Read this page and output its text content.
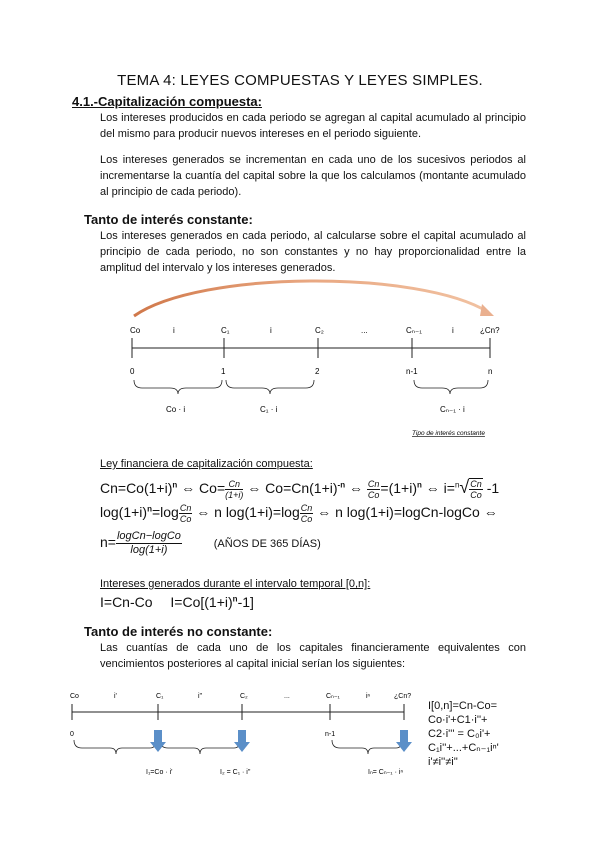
TEMA 4: LEYES COMPUESTAS Y LEYES SIMPLES.
4.1.-Capitalización compuesta:
Los intereses producidos en cada periodo se agregan al capital acumulado al principio del mismo para producir nuevos intereses en el periodo siguiente.
Los intereses generados se incrementan en cada uno de los sucesivos periodos al incrementarse la cuantía del capital sobre la que los calculamos (montante acumulado al principio de cada periodo).
Tanto de interés constante:
Los intereses generados en cada periodo, al calcularse sobre el capital acumulado al principio de cada periodo, no son constantes y no hay proporcionalidad entre la amplitud del intervalo y los intereses generados.
Co	i	C₁	i	C₂	...	Cₙ₋₁	i	¿Cn?
0	1	2	n-1	n
Co · i	C₁ · i	Cₙ₋₁ · i
Tipo de interés constante
Ley financiera de capitalización compuesta:
$Cn=Co(1+i)^n$ ⇔ $Co= \frac{Cn}{(1+i)}$ ⇔ $Co=Cn(1+i)^{-n}$ ⇔ $\frac{Cn}{Co} =(1+i)^n$ ⇔ $i=^n√ \frac{Cn}{Co} -1$
$\log(1+i)^n=\log \frac{Cn}{Co}$ ⇔ n $\log(1+i)=\log \frac{Cn}{Co}$ ⇔ n log(1+i)=logCn-logCo ⇔
$n= \frac{\text{logCn−logCo}}{\log(1+i)}$	(AÑOS DE 365 DÍAS)
Intereses generados durante el intervalo temporal [0,n]:
I=Cn-Co $I=Co[(1+i)^n-1]$
Tanto de interés no constante:
Las cuantías de cada uno de los capitales financieramente equivalentes con vencimientos posteriores al capital inicial serían los siguientes:
Co	i'	C₁	i''	C₂	...	Cₙ₋₁	iⁿ	¿Cn?
0	n-1
I₁=Co · i'	I₂ = C₁ · i''	Iₙ= Cₙ₋₁ · iⁿ
I[0,n]=Cn-Co=
Co·i'+C1·i''+
C2·i''' = C₀i'+
C₁i''+...+Cₙ₋₁iⁿ'
i'≠i''≠i''
